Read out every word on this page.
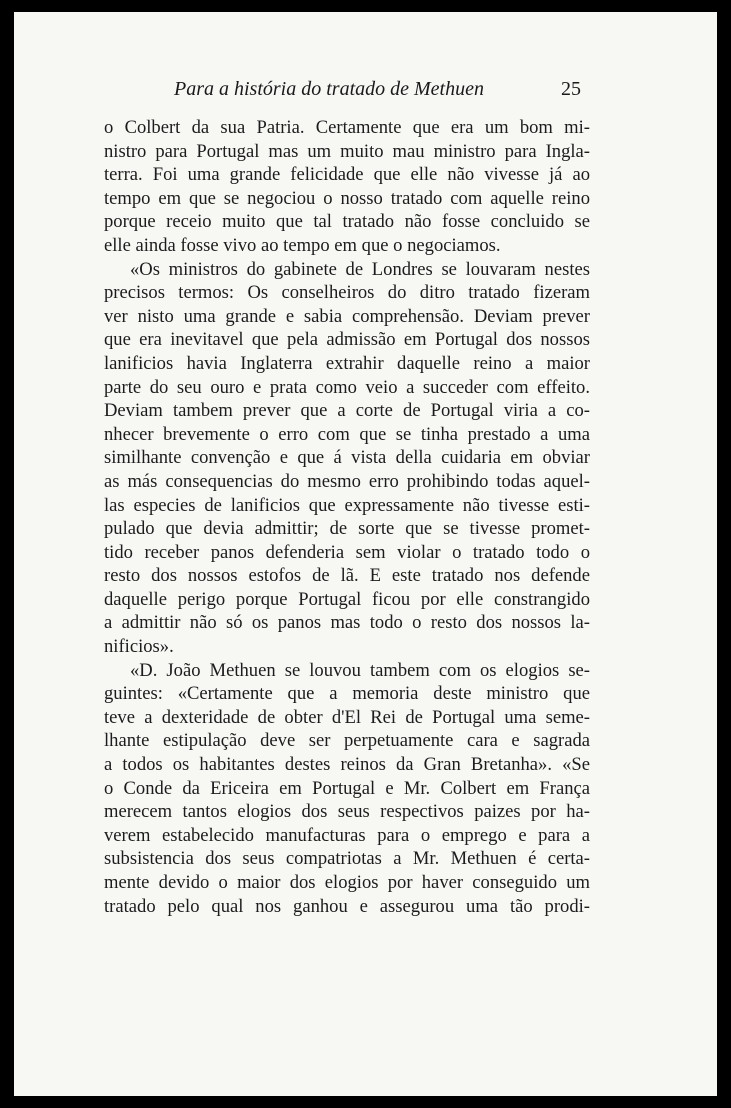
Para a história do tratado de Methuen	25
o Colbert da sua Patria. Certamente que era um bom mi-
nistro para Portugal mas um muito mau ministro para Ingla-
terra. Foi uma grande felicidade que elle não vivesse já ao
tempo em que se negociou o nosso tratado com aquelle reino
porque receio muito que tal tratado não fosse concluido se
elle ainda fosse vivo ao tempo em que o negociamos.
«Os ministros do gabinete de Londres se louvaram nestes
precisos termos: Os conselheiros do ditro tratado fizeram
ver nisto uma grande e sabia comprehensão. Deviam prever
que era inevitavel que pela admissão em Portugal dos nossos
lanificios havia Inglaterra extrahir daquelle reino a maior
parte do seu ouro e prata como veio a succeder com effeito.
Deviam tambem prever que a corte de Portugal viria a co-
nhecer brevemente o erro com que se tinha prestado a uma
similhante convenção e que á vista della cuidaria em obviar
as más consequencias do mesmo erro prohibindo todas aquel-
las especies de lanificios que expressamente não tivesse esti-
pulado que devia admittir; de sorte que se tivesse promet-
tido receber panos defenderia sem violar o tratado todo o
resto dos nossos estofos de lã. E este tratado nos defende
daquelle perigo porque Portugal ficou por elle constrangido
a admittir não só os panos mas todo o resto dos nossos la-
nificios».
«D. João Methuen se louvou tambem com os elogios se-
guintes: «Certamente que a memoria deste ministro que
teve a dexteridade de obter d'El Rei de Portugal uma seme-
lhante estipulação deve ser perpetuamente cara e sagrada
a todos os habitantes destes reinos da Gran Bretanha». «Se
o Conde da Ericeira em Portugal e Mr. Colbert em França
merecem tantos elogios dos seus respectivos paizes por ha-
verem estabelecido manufacturas para o emprego e para a
subsistencia dos seus compatriotas a Mr. Methuen é certa-
mente devido o maior dos elogios por haver conseguido um
tratado pelo qual nos ganhou e assegurou uma tão prodi-
